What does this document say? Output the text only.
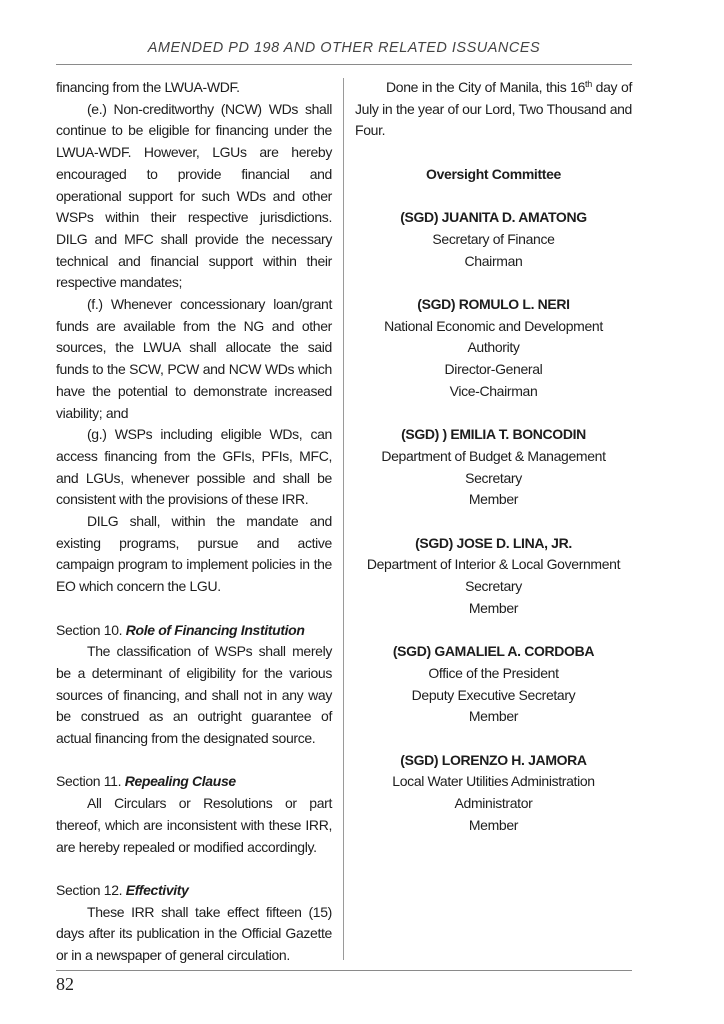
AMENDED PD 198 AND OTHER RELATED ISSUANCES

financing from the LWUA-WDF.

(e.) Non-creditworthy (NCW) WDs shall continue to be eligible for financing under the LWUA-WDF. However, LGUs are hereby encouraged to provide financial and operational support for such WDs and other WSPs within their respective jurisdictions. DILG and MFC shall provide the necessary technical and financial support within their respective mandates;

(f.) Whenever concessionary loan/grant funds are available from the NG and other sources, the LWUA shall allocate the said funds to the SCW, PCW and NCW WDs which have the potential to demonstrate increased viability; and

(g.) WSPs including eligible WDs, can access financing from the GFIs, PFIs, MFC, and LGUs, whenever possible and shall be consistent with the provisions of these IRR.

DILG shall, within the mandate and existing programs, pursue and active campaign program to implement policies in the EO which concern the LGU.

Section 10. Role of Financing Institution

The classification of WSPs shall merely be a determinant of eligibility for the various sources of financing, and shall not in any way be construed as an outright guarantee of actual financing from the designated source.

Section 11. Repealing Clause

All Circulars or Resolutions or part thereof, which are inconsistent with these IRR, are hereby repealed or modified accordingly.

Section 12. Effectivity

These IRR shall take effect fifteen (15) days after its publication in the Official Gazette or in a newspaper of general circulation.

Done in the City of Manila, this 16th day of July in the year of our Lord, Two Thousand and Four.

Oversight Committee

(SGD) JUANITA D. AMATONG

Secretary of Finance

Chairman

(SGD) ROMULO L. NERI

National Economic and Development

Authority

Director-General

Vice-Chairman

(SGD) ) EMILIA T. BONCODIN

Department of Budget & Management

Secretary

Member

(SGD) JOSE D. LINA, JR.

Department of Interior & Local Government

Secretary

Member

(SGD) GAMALIEL A. CORDOBA

Office of the President

Deputy Executive Secretary

Member

(SGD) LORENZO H. JAMORA

Local Water Utilities Administration

Administrator

Member

82
